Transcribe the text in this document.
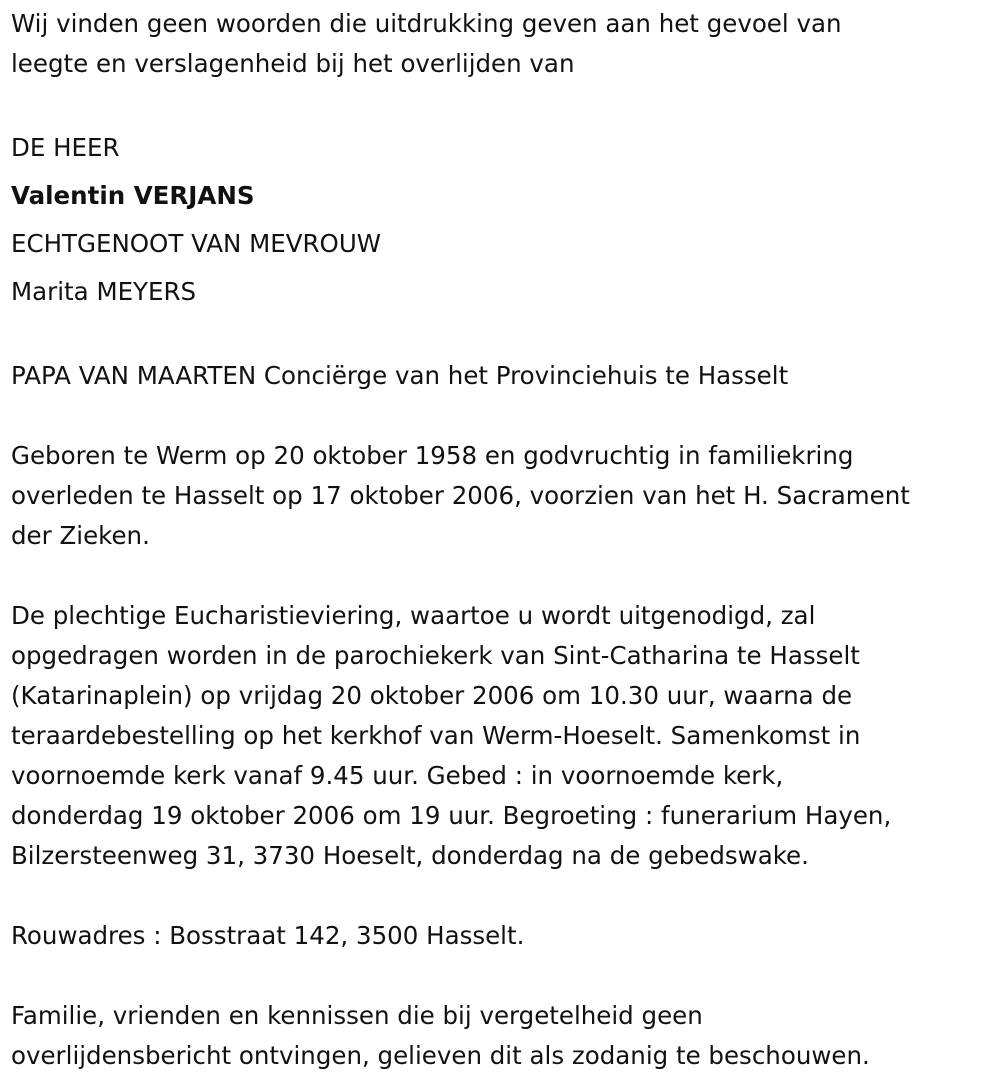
Wij vinden geen woorden die uitdrukking geven aan het gevoel van
leegte en verslagenheid bij het overlijden van

DE HEER
Valentin VERJANS
ECHTGENOOT VAN MEVROUW
Marita MEYERS
PAPA VAN MAARTEN Conciërge van het Provinciehuis te Hasselt

Geboren te Werm op 20 oktober 1958 en godvruchtig in familiekring
overleden te Hasselt op 17 oktober 2006, voorzien van het H. Sacrament
der Zieken.

De plechtige Eucharistieviering, waartoe u wordt uitgenodigd, zal
opgedragen worden in de parochiekerk van Sint-Catharina te Hasselt
(Katarinaplein) op vrijdag 20 oktober 2006 om 10.30 uur, waarna de
teraardebestelling op het kerkhof van Werm-Hoeselt. Samenkomst in
voornoemde kerk vanaf 9.45 uur. Gebed : in voornoemde kerk,
donderdag 19 oktober 2006 om 19 uur. Begroeting : funerarium Hayen,
Bilzersteenweg 31, 3730 Hoeselt, donderdag na de gebedswake.

Rouwadres : Bosstraat 142, 3500 Hasselt.

Familie, vrienden en kennissen die bij vergetelheid geen
overlijdensbericht ontvingen, gelieven dit als zodanig te beschouwen.
